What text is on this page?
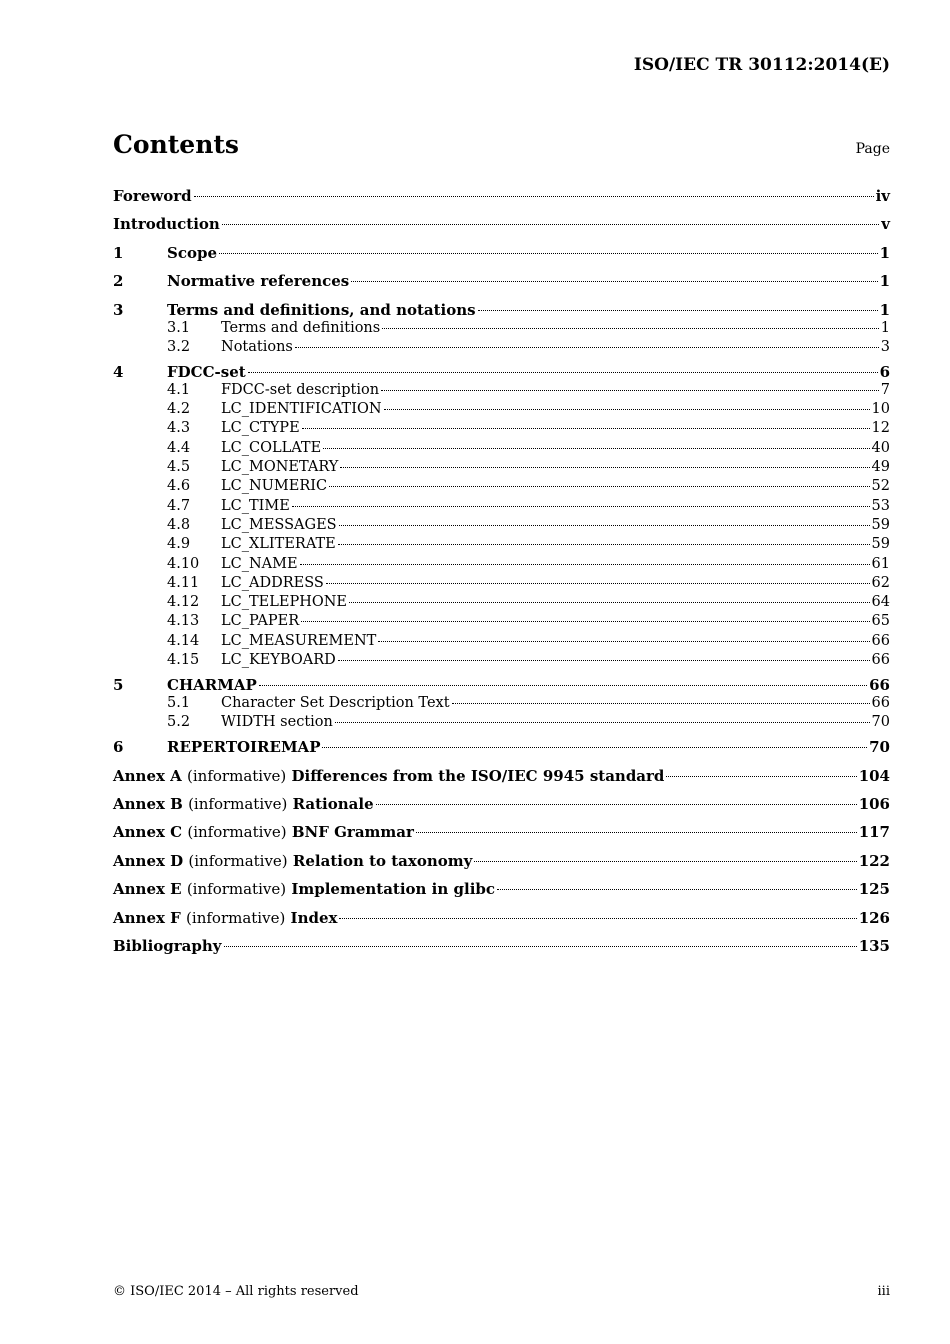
ISO/IEC TR 30112:2014(E)
Contents	Page
Foreword	iv
Introduction	v
1	Scope	1
2	Normative references	1
3	Terms and definitions, and notations	1
3.1	Terms and definitions	1
3.2	Notations	3
4	FDCC-set	6
4.1	FDCC-set description	7
4.2	LC_IDENTIFICATION	10
4.3	LC_CTYPE	12
4.4	LC_COLLATE	40
4.5	LC_MONETARY	49
4.6	LC_NUMERIC	52
4.7	LC_TIME	53
4.8	LC_MESSAGES	59
4.9	LC_XLITERATE	59
4.10	LC_NAME	61
4.11	LC_ADDRESS	62
4.12	LC_TELEPHONE	64
4.13	LC_PAPER	65
4.14	LC_MEASUREMENT	66
4.15	LC_KEYBOARD	66
5	CHARMAP	66
5.1	Character Set Description Text	66
5.2	WIDTH section	70
6	REPERTOIREMAP	70
Annex A (informative) Differences from the ISO/IEC 9945 standard	104
Annex B (informative) Rationale	106
Annex C (informative) BNF Grammar	117
Annex D (informative) Relation to taxonomy	122
Annex E (informative) Implementation in glibc	125
Annex F (informative) Index	126
Bibliography	135
© ISO/IEC 2014 – All rights reserved	iii
